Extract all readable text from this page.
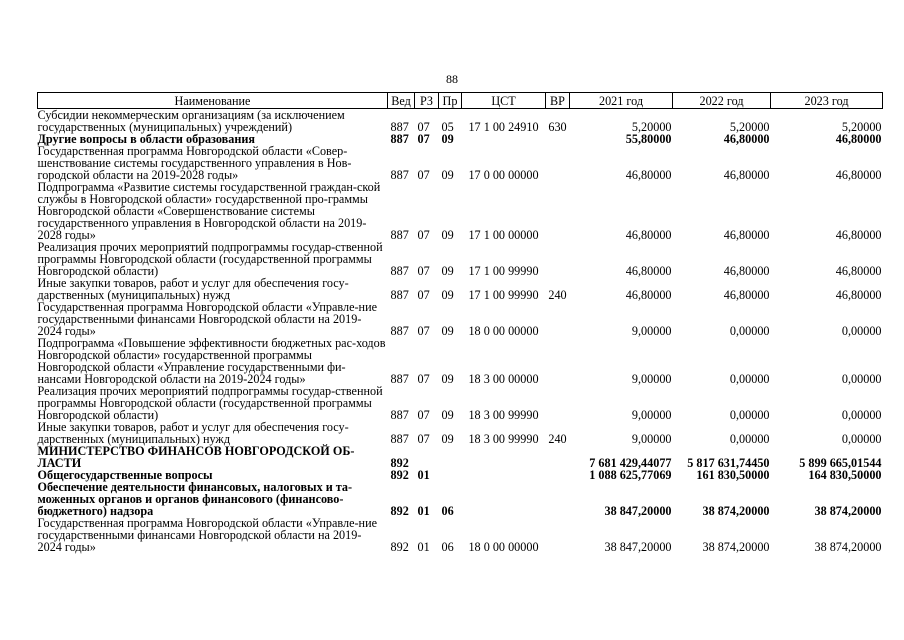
88
Наименование	Вед	РЗ	Пр	ЦСТ	ВР	2021 год	2022 год	2023 год
Субсидии некоммерческим организациям (за исключением государственных (муниципальных) учреждений)	887	07	05	17 1 00 24910	630	5,20000	5,20000	5,20000
Другие вопросы в области образования	887	07	09			55,80000	46,80000	46,80000
Государственная программа Новгородской области «Совер-шенствование системы государственного управления в Нов-городской области на 2019-2028 годы»	887	07	09	17 0 00 00000		46,80000	46,80000	46,80000
Подпрограмма «Развитие системы государственной граждан-ской службы в Новгородской области» государственной про-граммы Новгородской области «Совершенствование системы государственного управления в Новгородской области на 2019-2028 годы»	887	07	09	17 1 00 00000		46,80000	46,80000	46,80000
Реализация прочих мероприятий подпрограммы государ-ственной программы Новгородской области (государственной программы Новгородской области)	887	07	09	17 1 00 99990		46,80000	46,80000	46,80000
Иные закупки товаров, работ и услуг для обеспечения госу-дарственных (муниципальных) нужд	887	07	09	17 1 00 99990	240	46,80000	46,80000	46,80000
Государственная программа Новгородской области «Управле-ние государственными финансами Новгородской области на 2019-2024 годы»	887	07	09	18 0 00 00000		9,00000	0,00000	0,00000
Подпрограмма «Повышение эффективности бюджетных рас-ходов Новгородской области» государственной программы Новгородской области «Управление государственными фи-нансами Новгородской области на 2019-2024 годы»	887	07	09	18 3 00 00000		9,00000	0,00000	0,00000
Реализация прочих мероприятий подпрограммы государ-ственной программы Новгородской области (государственной программы Новгородской области)	887	07	09	18 3 00 99990		9,00000	0,00000	0,00000
Иные закупки товаров, работ и услуг для обеспечения госу-дарственных (муниципальных) нужд	887	07	09	18 3 00 99990	240	9,00000	0,00000	0,00000
МИНИСТЕРСТВО ФИНАНСОВ НОВГОРОДСКОЙ ОБ-ЛАСТИ	892					7 681 429,44077	5 817 631,74450	5 899 665,01544
Общегосударственные вопросы	892	01				1 088 625,77069	161 830,50000	164 830,50000
Обеспечение деятельности финансовых, налоговых и та-моженных органов и органов финансового (финансово-бюджетного) надзора	892	01	06			38 847,20000	38 874,20000	38 874,20000
Государственная программа Новгородской области «Управле-ние государственными финансами Новгородской области на 2019-2024 годы»	892	01	06	18 0 00 00000		38 847,20000	38 874,20000	38 874,20000
